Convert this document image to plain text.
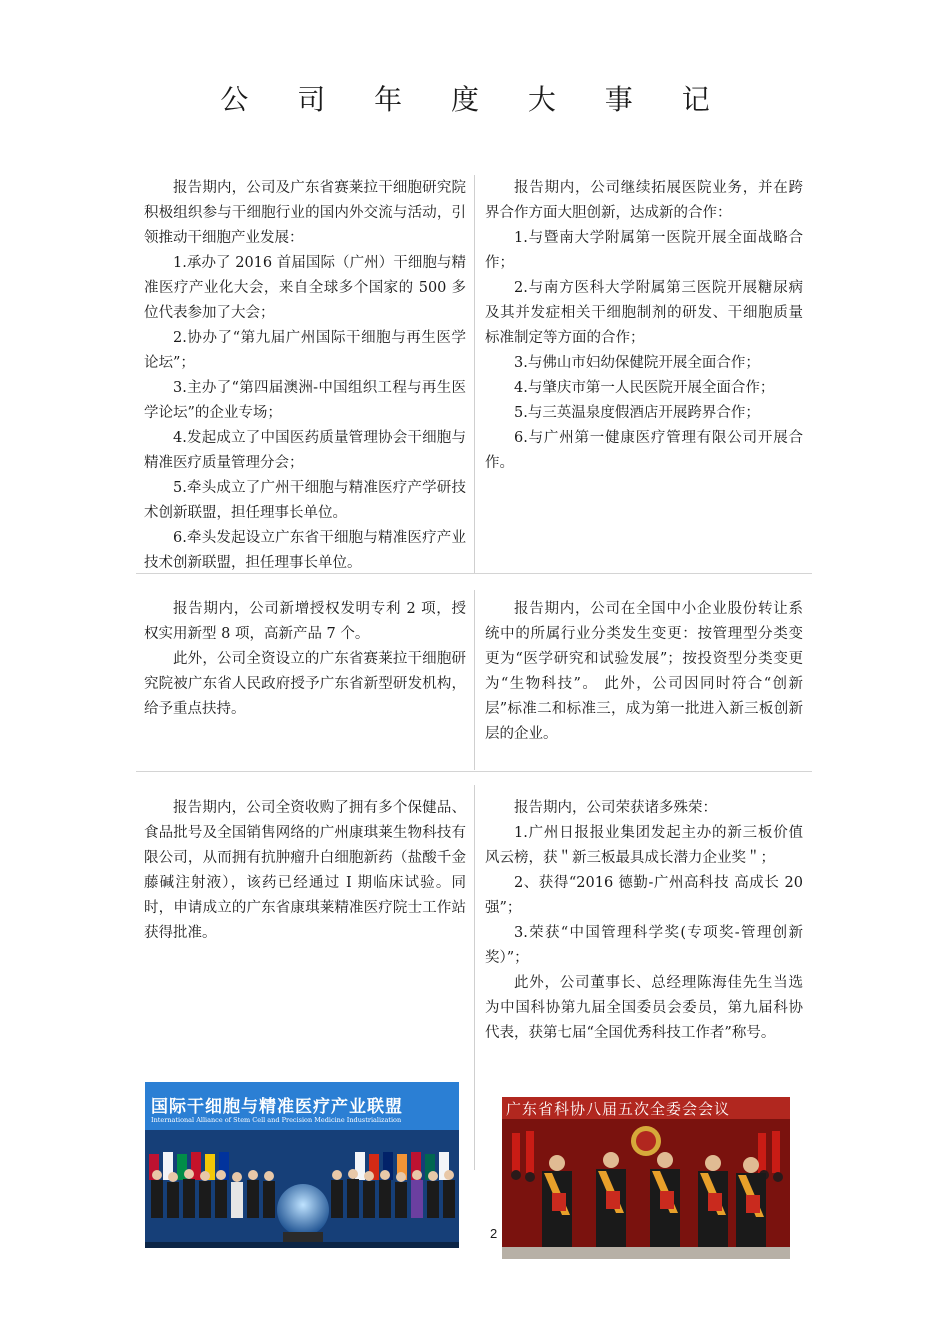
公 司 年 度 大 事 记

报告期内，公司及广东省赛莱拉干细胞研究院积极组织参与干细胞行业的国内外交流与活动，引领推动干细胞产业发展：

1.承办了 2016 首届国际（广州）干细胞与精准医疗产业化大会，来自全球多个国家的 500 多位代表参加了大会；

2.协办了“第九届广州国际干细胞与再生医学论坛”；

3.主办了“第四届澳洲-中国组织工程与再生医学论坛”的企业专场；

4.发起成立了中国医药质量管理协会干细胞与精准医疗质量管理分会；

5.牵头成立了广州干细胞与精准医疗产学研技术创新联盟，担任理事长单位。

6.牵头发起设立广东省干细胞与精准医疗产业技术创新联盟，担任理事长单位。

报告期内，公司继续拓展医院业务，并在跨界合作方面大胆创新，达成新的合作：

1.与暨南大学附属第一医院开展全面战略合作；

2.与南方医科大学附属第三医院开展糖尿病及其并发症相关干细胞制剂的研发、干细胞质量标准制定等方面的合作；

3.与佛山市妇幼保健院开展全面合作；

4.与肇庆市第一人民医院开展全面合作；

5.与三英温泉度假酒店开展跨界合作；

6.与广州第一健康医疗管理有限公司开展合作。

报告期内，公司新增授权发明专利 2 项，授权实用新型 8 项，高新产品 7 个。

此外，公司全资设立的广东省赛莱拉干细胞研究院被广东省人民政府授予广东省新型研发机构，给予重点扶持。

报告期内，公司在全国中小企业股份转让系统中的所属行业分类发生变更：按管理型分类变更为“医学研究和试验发展”；按投资型分类变更为“生物科技”。 此外，公司因同时符合“创新层”标准二和标准三，成为第一批进入新三板创新层的企业。

报告期内，公司全资收购了拥有多个保健品、食品批号及全国销售网络的广州康琪莱生物科技有限公司，从而拥有抗肿瘤升白细胞新药（盐酸千金藤碱注射液），该药已经通过 I 期临床试验。同时，申请成立的广东省康琪莱精准医疗院士工作站获得批准。

报告期内，公司荣获诸多殊荣：

1.广州日报报业集团发起主办的新三板价值风云榜，获＂新三板最具成长潜力企业奖＂；

2、获得“2016 德勤-广州高科技 高成长 20 强”；

3.荣获“中国管理科学奖(专项奖-管理创新奖）”；

此外，公司董事长、总经理陈海佳先生当选为中国科协第九届全国委员会委员，第九届科协代表，获第七届“全国优秀科技工作者”称号。

国际干细胞与精准医疗产业联盟
International Alliance of Stem Cell and Precision Medicine Industrialization
广东省科协八届五次全委会会议
2
